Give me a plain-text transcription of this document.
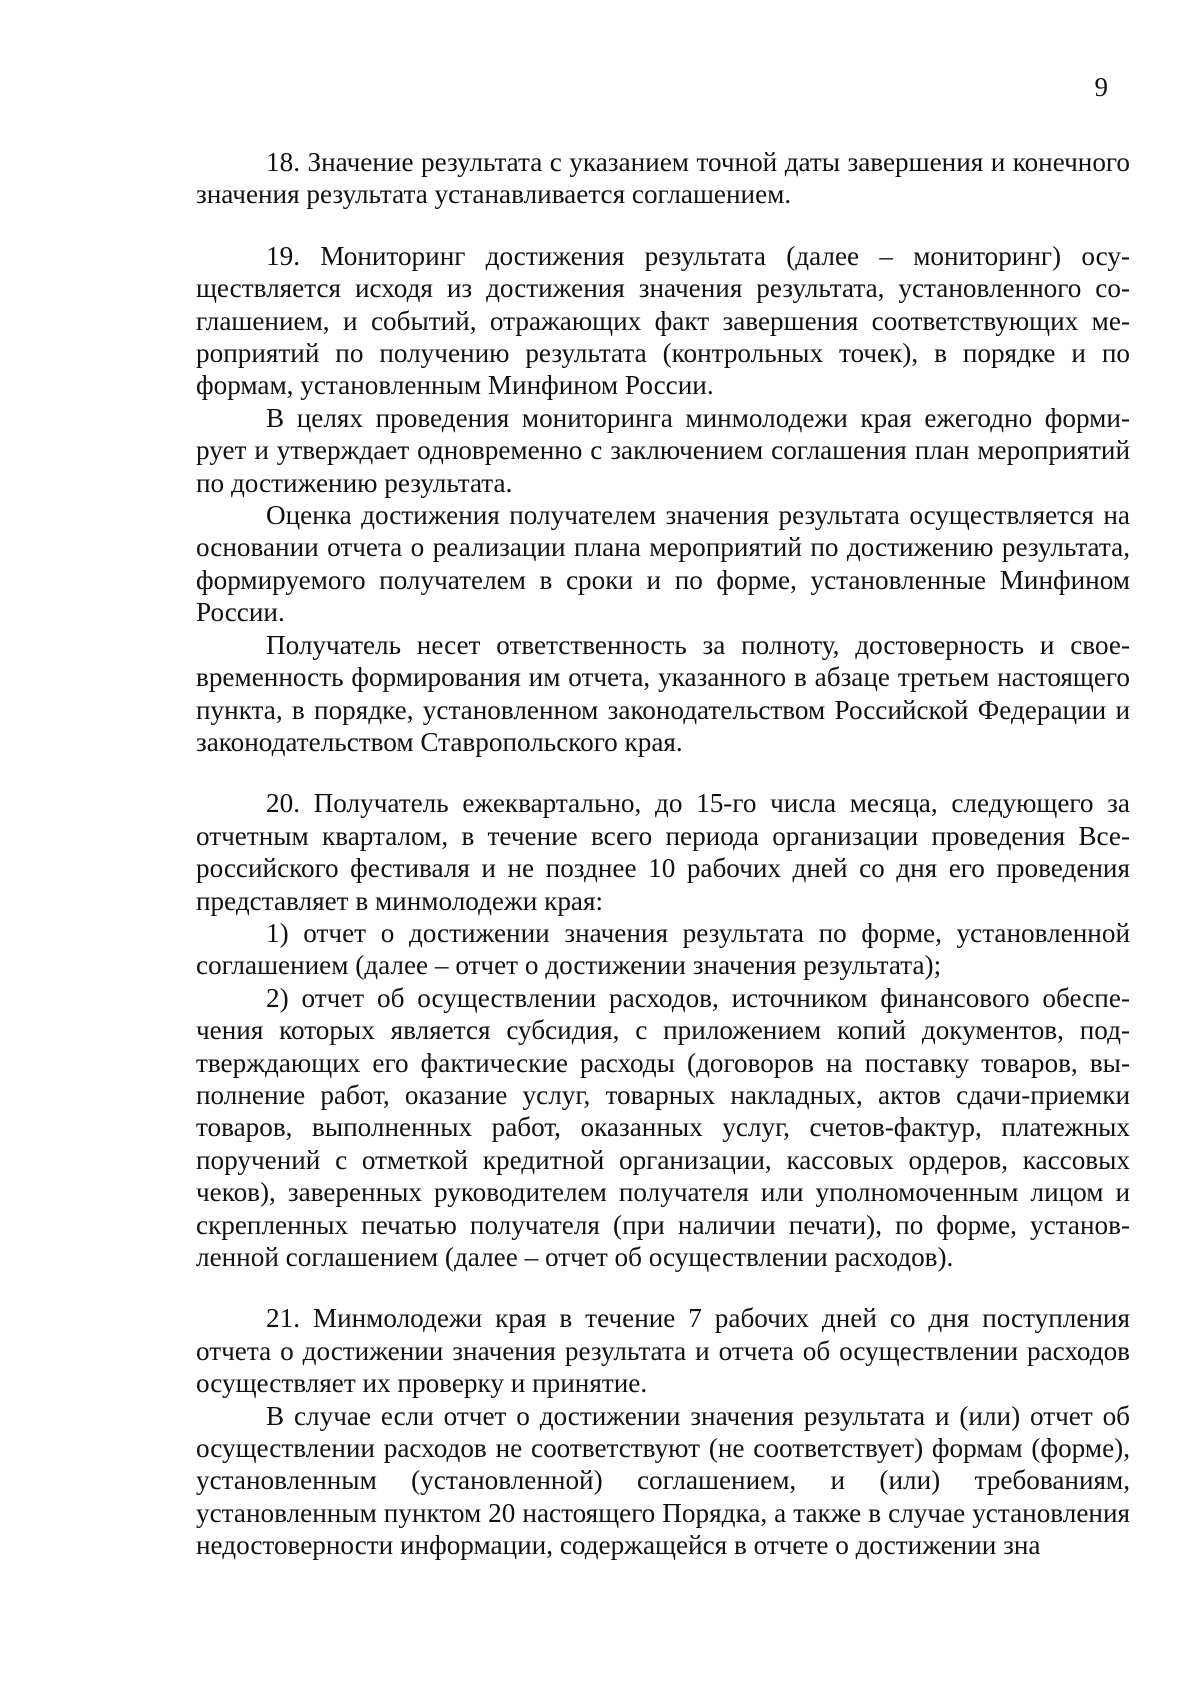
9

18. Значение результата с указанием точной даты завершения и конечного значения результата устанавливается соглашением.

19. Мониторинг достижения результата (далее – мониторинг) осуществляется исходя из достижения значения результата, установленного соглашением, и событий, отражающих факт завершения соответствующих мероприятий по получению результата (контрольных точек), в порядке и по формам, установленным Минфином России.

В целях проведения мониторинга минмолодежи края ежегодно формирует и утверждает одновременно с заключением соглашения план мероприятий по достижению результата.

Оценка достижения получателем значения результата осуществляется на основании отчета о реализации плана мероприятий по достижению результата, формируемого получателем в сроки и по форме, установленные Минфином России.

Получатель несет ответственность за полноту, достоверность и своевременность формирования им отчета, указанного в абзаце третьем настоящего пункта, в порядке, установленном законодательством Российской Федерации и законодательством Ставропольского края.

20. Получатель ежеквартально, до 15-го числа месяца, следующего за отчетным кварталом, в течение всего периода организации проведения Всероссийского фестиваля и не позднее 10 рабочих дней со дня его проведения представляет в минмолодежи края:

1) отчет о достижении значения результата по форме, установленной соглашением (далее – отчет о достижении значения результата);

2) отчет об осуществлении расходов, источником финансового обеспечения которых является субсидия, с приложением копий документов, подтверждающих его фактические расходы (договоров на поставку товаров, выполнение работ, оказание услуг, товарных накладных, актов сдачи-приемки товаров, выполненных работ, оказанных услуг, счетов-фактур, платежных поручений с отметкой кредитной организации, кассовых ордеров, кассовых чеков), заверенных руководителем получателя или уполномоченным лицом и скрепленных печатью получателя (при наличии печати), по форме, установленной соглашением (далее – отчет об осуществлении расходов).

21. Минмолодежи края в течение 7 рабочих дней со дня поступления отчета о достижении значения результата и отчета об осуществлении расходов осуществляет их проверку и принятие.

В случае если отчет о достижении значения результата и (или) отчет об осуществлении расходов не соответствуют (не соответствует) формам (форме), установленным (установленной) соглашением, и (или) требованиям, установленным пунктом 20 настоящего Порядка, а также в случае установления недостоверности информации, содержащейся в отчете о достижении зна
